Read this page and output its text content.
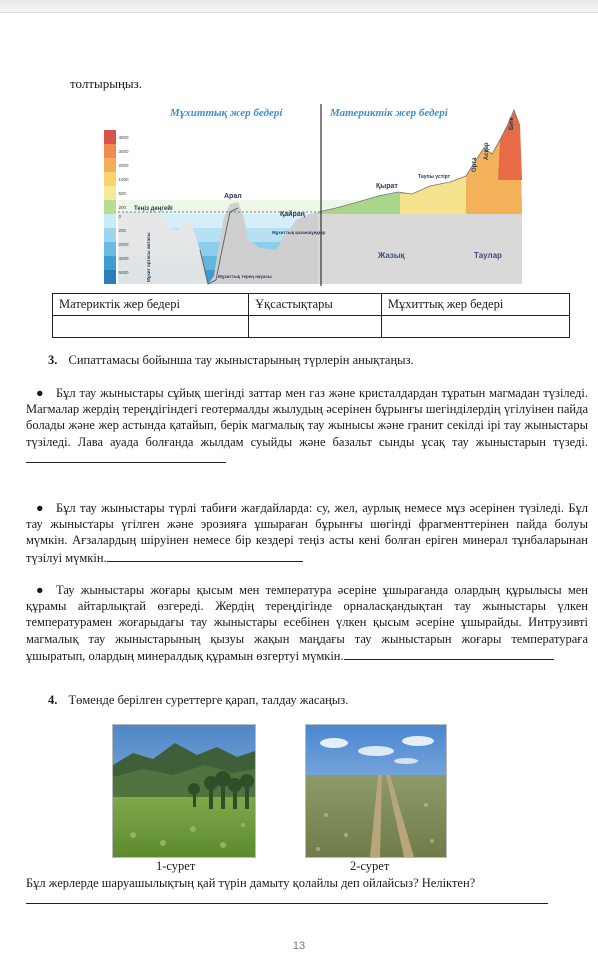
толтырыңыз.
Мұхиттық жер бедері	Материктік жер бедері
4000
3000
2000
1000
500
200
0
200
2000
4000
6000
Теңіз деңгейі
Арал
Қайраң
Мұхиттық қазаншұңқыр
Мұхиттық терең науасы
Мұхит ортасы жотасы
Қырат
Таулы үстірт
Орта
Асқар
Биік
Жазық	Таулар
Материктік жер бедері	Ұқсастықтары	Мұхиттық жер бедері

3. Сипаттамасы бойынша тау жыныстарының түрлерін анықтаңыз.
● Бұл тау жыныстары сұйық шегінді заттар мен газ және кристалдардан тұратын магмадан түзіледі. Магмалар жердің тереңдігіндегі геотермалды жылудың әсерінен бұрынғы шегінділердің үгілуінен пайда болады және жер астында қатайып, берік магмалық тау жынысы және гранит секілді ірі тау жыныстары түзіледі. Лава ауада болғанда жылдам суыйды және базальт сынды ұсақ тау жыныстарын түзеді.
● Бұл тау жыныстары түрлі табиғи жағдайларда: су, жел, аурлық немесе мұз әсерінен түзіледі. Бұл тау жыныстары үгілген және эрозияға ұшыраған бұрынғы шөгінді фрагменттерінен пайда болуы мүмкін. Ағзалардың шіруінен немесе бір кездері теңіз асты кені болған еріген минерал тұнбаларынан түзілуі мүмкін.
● Тау жыныстары жоғары қысым мен температура әсеріне ұшырағанда олардың құрылысы мен құрамы айтарлықтай өзгереді. Жердің тереңдігінде орналасқандықтан тау жыныстары үлкен температурамен жоғарыдағы тау жыныстары есебінен үлкен қысым әсеріне ұшырайды. Интрузивті магмалық тау жыныстарының қызуы жақын маңдағы тау жыныстарын жоғары температураға ұшыратып, олардың минералдық құрамын өзгертуі мүмкін.
4. Төменде берілген суреттерге қарап, талдау жасаңыз.
1-сурет	2-сурет
Бұл жерлерде шаруашылықтың қай түрін дамыту қолайлы деп ойлайсыз? Неліктен?
13
